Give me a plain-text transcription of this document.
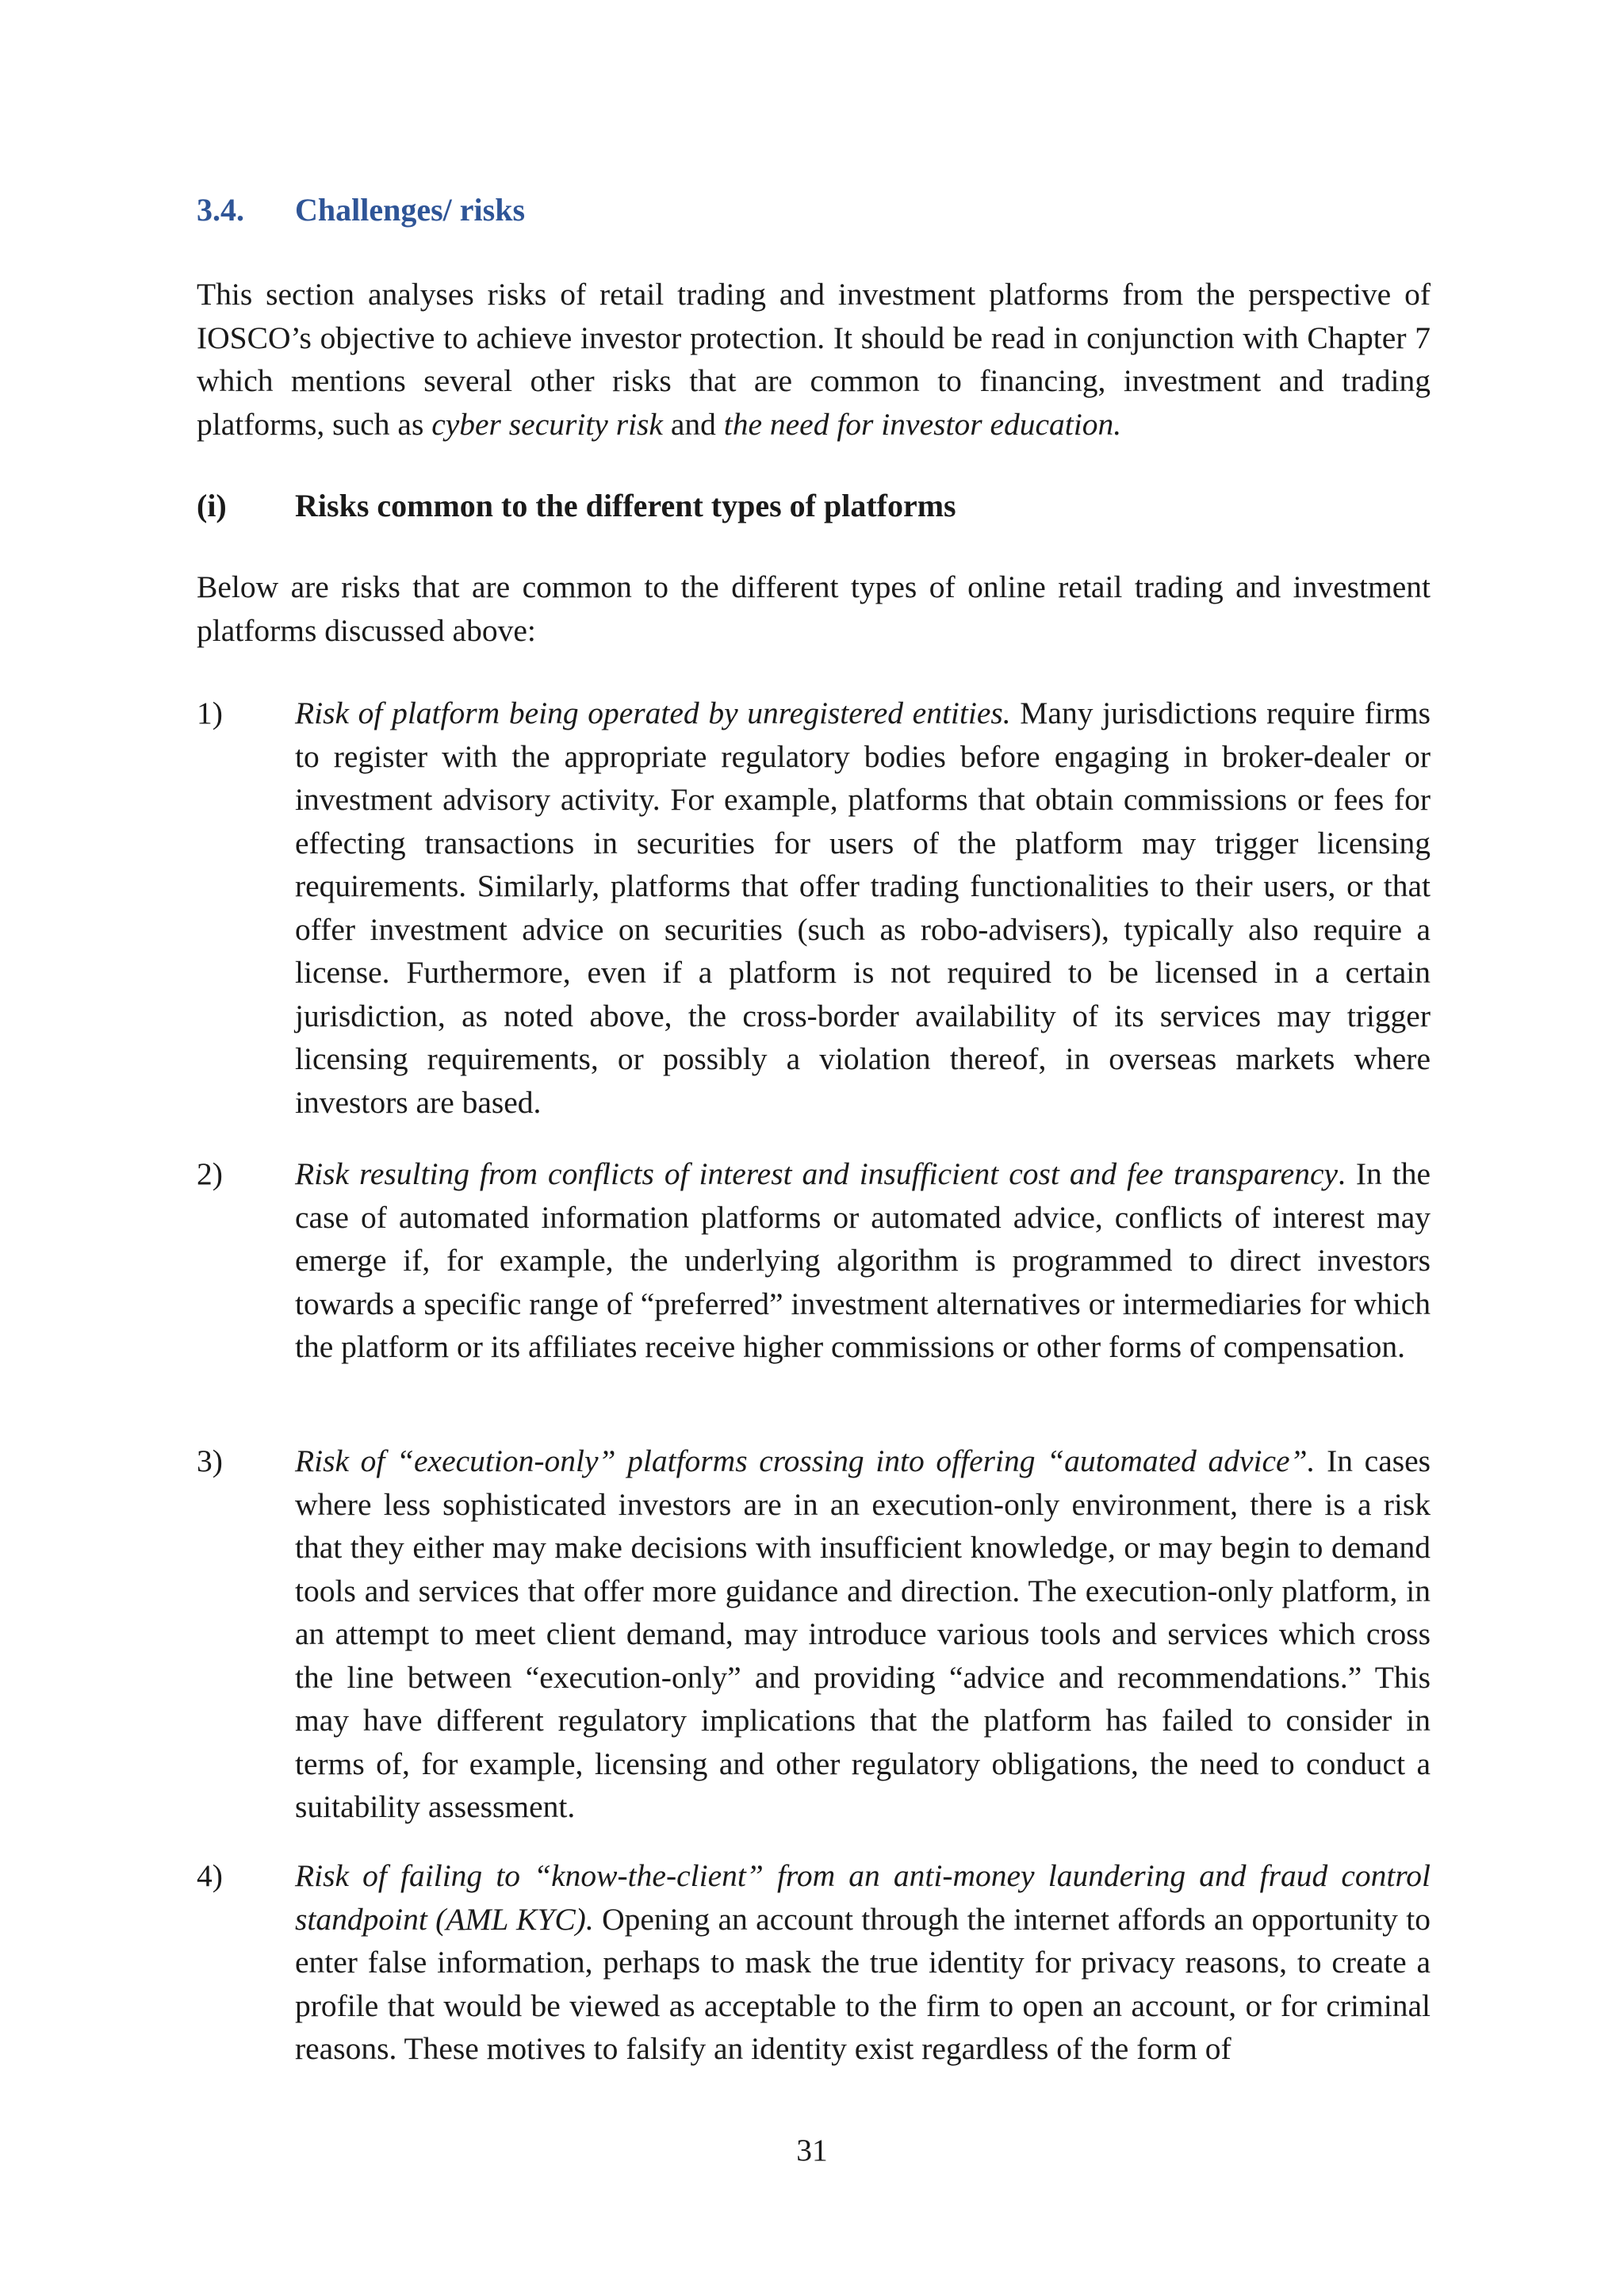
3.4. Challenges/ risks
This section analyses risks of retail trading and investment platforms from the perspective of IOSCO’s objective to achieve investor protection. It should be read in conjunction with Chapter 7 which mentions several other risks that are common to financing, investment and trading platforms, such as cyber security risk and the need for investor education.
(i) Risks common to the different types of platforms
Below are risks that are common to the different types of online retail trading and investment platforms discussed above:
1) Risk of platform being operated by unregistered entities. Many jurisdictions require firms to register with the appropriate regulatory bodies before engaging in broker-dealer or investment advisory activity. For example, platforms that obtain commissions or fees for effecting transactions in securities for users of the platform may trigger licensing requirements. Similarly, platforms that offer trading functionalities to their users, or that offer investment advice on securities (such as robo-advisers), typically also require a license. Furthermore, even if a platform is not required to be licensed in a certain jurisdiction, as noted above, the cross-border availability of its services may trigger licensing requirements, or possibly a violation thereof, in overseas markets where investors are based.
2) Risk resulting from conflicts of interest and insufficient cost and fee transparency. In the case of automated information platforms or automated advice, conflicts of interest may emerge if, for example, the underlying algorithm is programmed to direct investors towards a specific range of “preferred” investment alternatives or intermediaries for which the platform or its affiliates receive higher commissions or other forms of compensation.
3) Risk of “execution-only” platforms crossing into offering “automated advice”. In cases where less sophisticated investors are in an execution-only environment, there is a risk that they either may make decisions with insufficient knowledge, or may begin to demand tools and services that offer more guidance and direction. The execution-only platform, in an attempt to meet client demand, may introduce various tools and services which cross the line between “execution-only” and providing “advice and recommendations.” This may have different regulatory implications that the platform has failed to consider in terms of, for example, licensing and other regulatory obligations, the need to conduct a suitability assessment.
4) Risk of failing to “know-the-client” from an anti-money laundering and fraud control standpoint (AML KYC). Opening an account through the internet affords an opportunity to enter false information, perhaps to mask the true identity for privacy reasons, to create a profile that would be viewed as acceptable to the firm to open an account, or for criminal reasons. These motives to falsify an identity exist regardless of the form of
31
